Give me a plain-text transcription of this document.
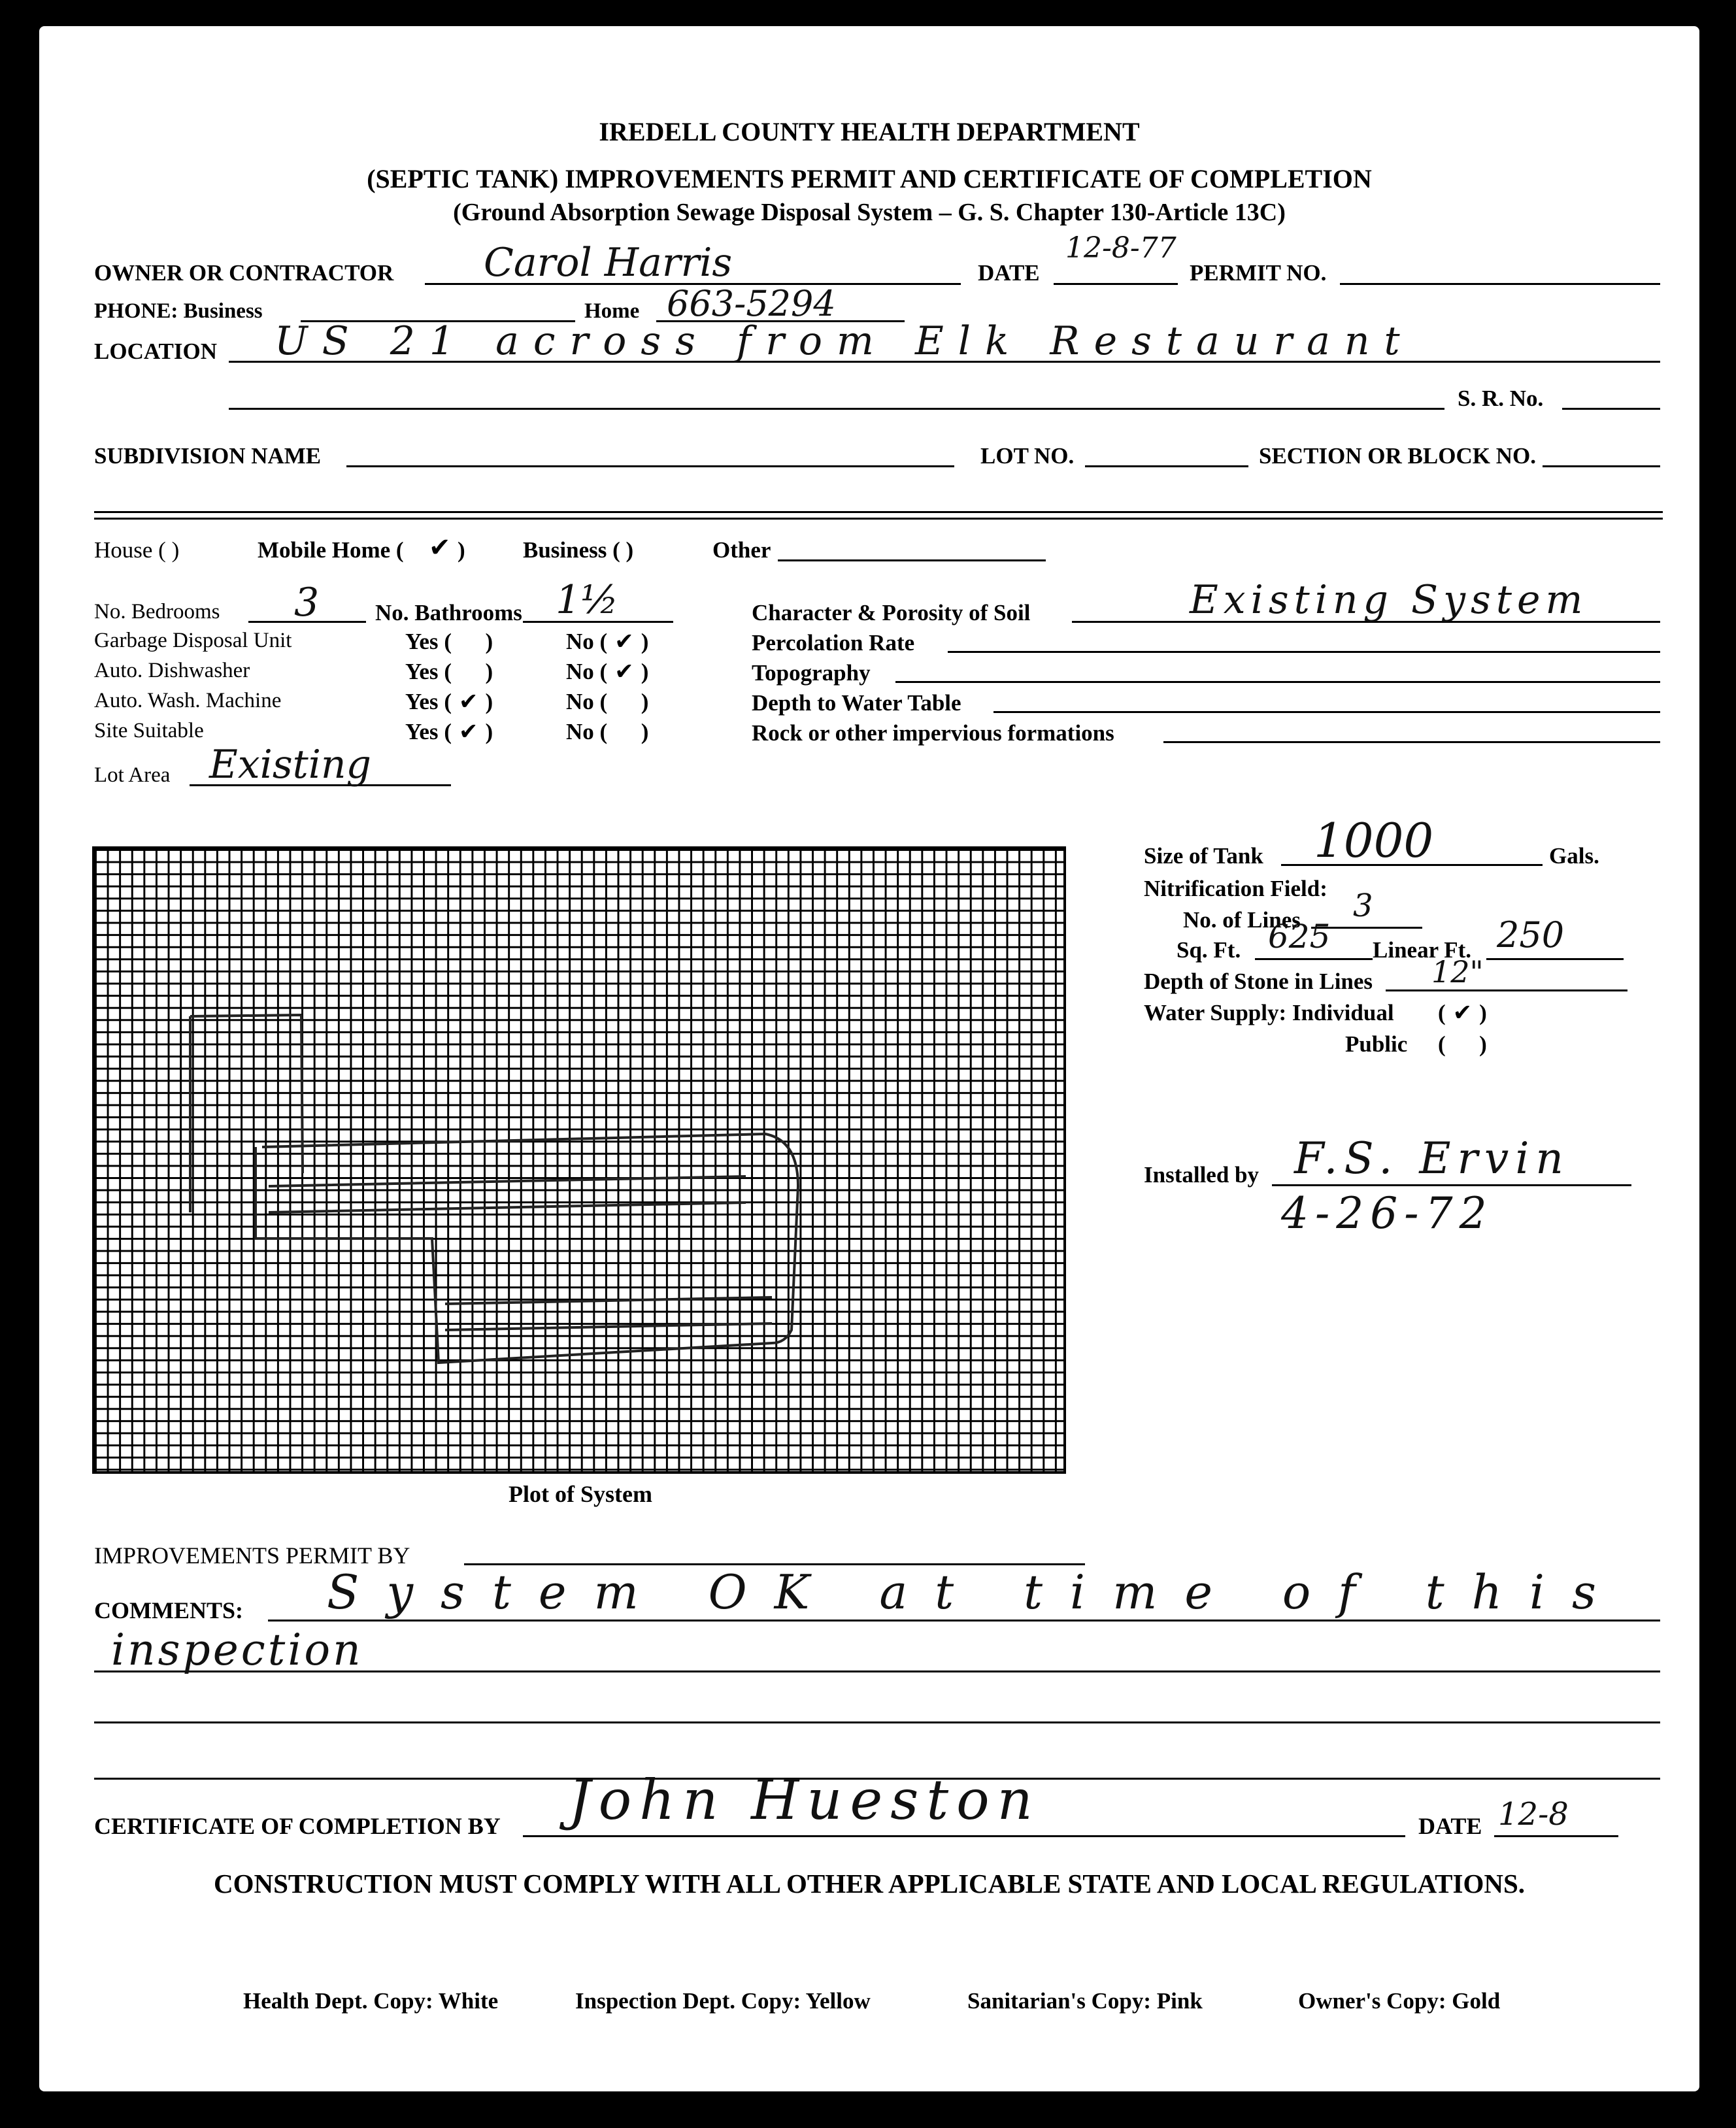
IREDELL COUNTY HEALTH DEPARTMENT
(SEPTIC TANK) IMPROVEMENTS PERMIT AND CERTIFICATE OF COMPLETION
(Ground Absorption Sewage Disposal System – G. S. Chapter 130-Article 13C)
OWNER OR CONTRACTOR Carol Harris	DATE
12-8-77
PERMIT NO.
PHONE: Business	Home 663-5294
LOCATION US 21 across from Elk Restaurant
S. R. No.
SUBDIVISION NAME	LOT NO.	SECTION OR BLOCK NO.
House ( )	Mobile Home ( ✔ )	Business ( )	Other
No. Bedrooms 3 No. Bathrooms 1½
Garbage Disposal Unit	Yes (  )	No ( ✔ )
Auto. Dishwasher	Yes (  )	No ( ✔ )
Auto. Wash. Machine	Yes ( ✔ )	No (  )
Site Suitable	Yes ( ✔ )	No (  )
Character & Porosity of Soil	Existing System
Percolation Rate
Topography
Depth to Water Table
Rock or other impervious formations
Lot Area Existing
Plot of System
Size of Tank 1000	Gals.
Nitrification Field:
No. of Lines 3
Sq. Ft. 625 Linear Ft. 250
Depth of Stone in Lines 12"
Water Supply: Individual ( ✔ )
Public (  )
Installed by F.S. Ervin
4-26-72
IMPROVEMENTS PERMIT BY
COMMENTS: System OK at time of this
inspection
CERTIFICATE OF COMPLETION BY John Hueston	DATE 12-8
CONSTRUCTION MUST COMPLY WITH ALL OTHER APPLICABLE STATE AND LOCAL REGULATIONS.
Health Dept. Copy: White	Inspection Dept. Copy: Yellow	Sanitarian's Copy: Pink	Owner's Copy: Gold
